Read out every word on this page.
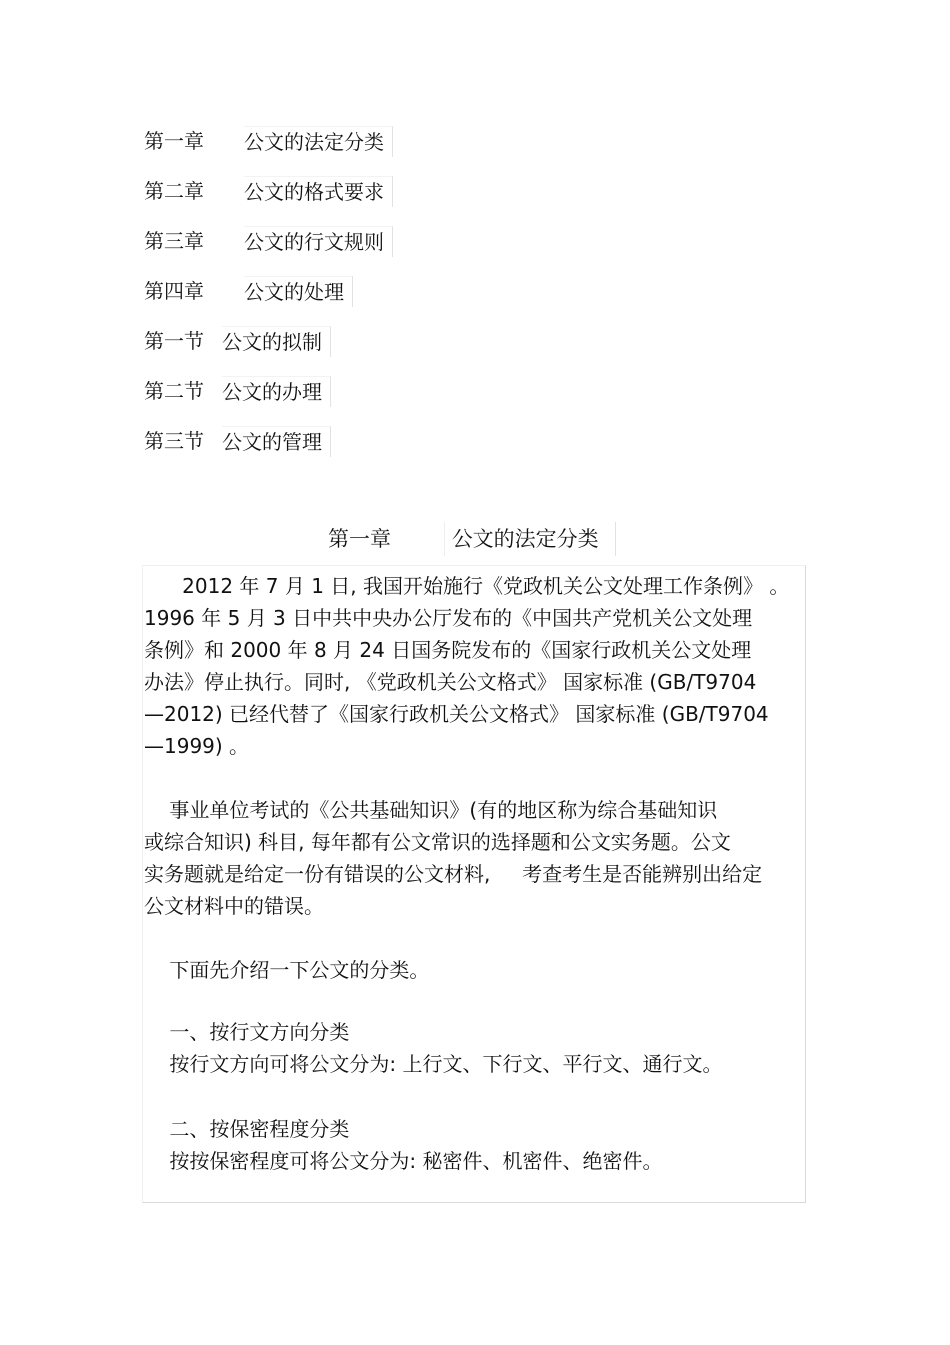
第一章	公文的法定分类
第二章	公文的格式要求
第三章	公文的行文规则
第四章	公文的处理
第一节 公文的拟制
第二节 公文的办理
第三节 公文的管理
第一章	公文的法定分类
2012 年 7 月 1 日, 我国开始施行《党政机关公文处理工作条例》 。
1996 年 5 月 3 日中共中央办公厅发布的《中国共产党机关公文处理
条例》和 2000 年 8 月 24 日国务院发布的《国家行政机关公文处理
办法》停止执行。同时, 《党政机关公文格式》 国家标准 (GB/T9704
—2012) 已经代替了《国家行政机关公文格式》 国家标准 (GB/T9704
—1999) 。
事业单位考试的《公共基础知识》(有的地区称为综合基础知识
或综合知识) 科目, 每年都有公文常识的选择题和公文实务题。公文
实务题就是给定一份有错误的公文材料,     考查考生是否能辨别出给定
公文材料中的错误。
下面先介绍一下公文的分类。
一、按行文方向分类
按行文方向可将公文分为: 上行文、下行文、平行文、通行文。
二、按保密程度分类
按按保密程度可将公文分为: 秘密件、机密件、绝密件。
